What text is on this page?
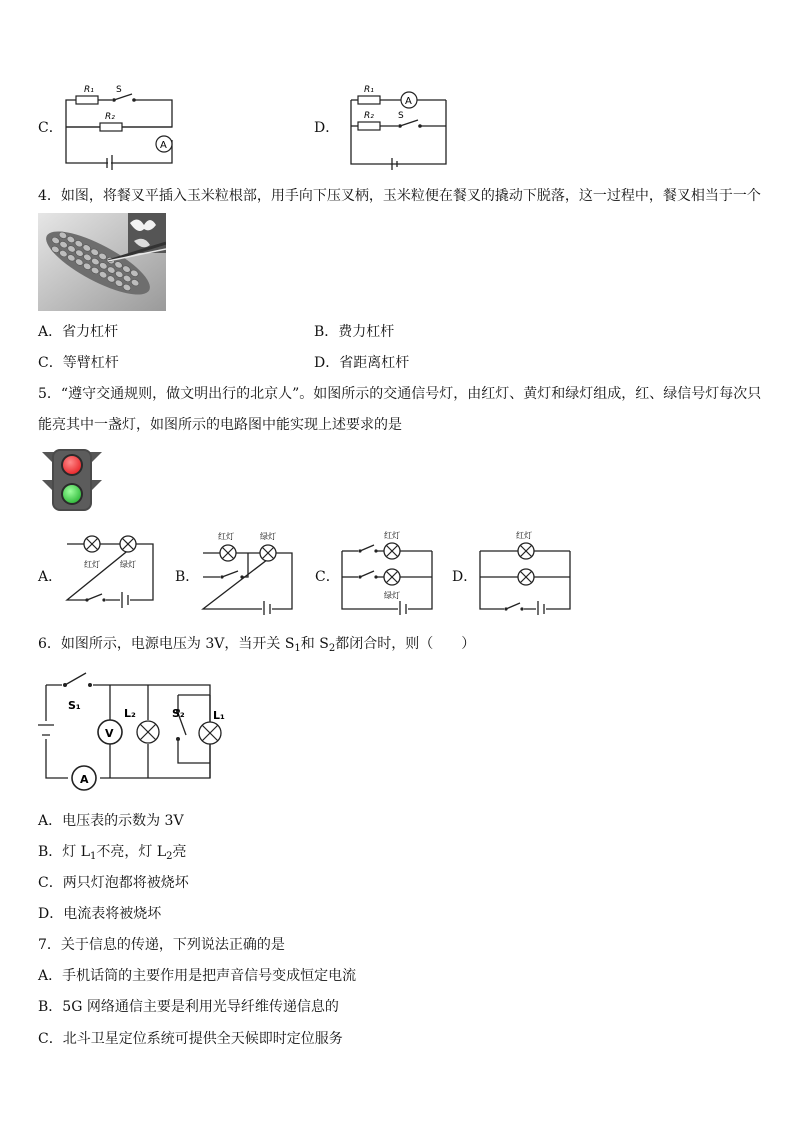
C．
R₁ S
R₂
A
D．
R₁
A
R₂	S
4．如图，将餐叉平插入玉米粒根部，用手向下压叉柄，玉米粒便在餐叉的撬动下脱落，这一过程中，餐叉相当于一个
A．省力杠杆	B．费力杠杆
C．等臂杠杆	D．省距离杠杆
5．“遵守交通规则，做文明出行的北京人”。如图所示的交通信号灯，由红灯、黄灯和绿灯组成，红、绿信号灯每次只
能亮其中一盏灯，如图所示的电路图中能实现上述要求的是
A．
红灯	绿灯
B．
红灯	绿灯
C．
红灯
绿灯
D．
红灯
6．如图所示，电源电压为 3V，当开关 $S_1$和 $S_2$都闭合时，则（　　）
S₁
A
V
L₂	S₂	L₁
A．电压表的示数为 3V
B．灯 $L_1$不亮，灯 $L_2$亮
C．两只灯泡都将被烧坏
D．电流表将被烧坏
7．关于信息的传递，下列说法正确的是
A．手机话筒的主要作用是把声音信号变成恒定电流
B．5G 网络通信主要是利用光导纤维传递信息的
C．北斗卫星定位系统可提供全天候即时定位服务
